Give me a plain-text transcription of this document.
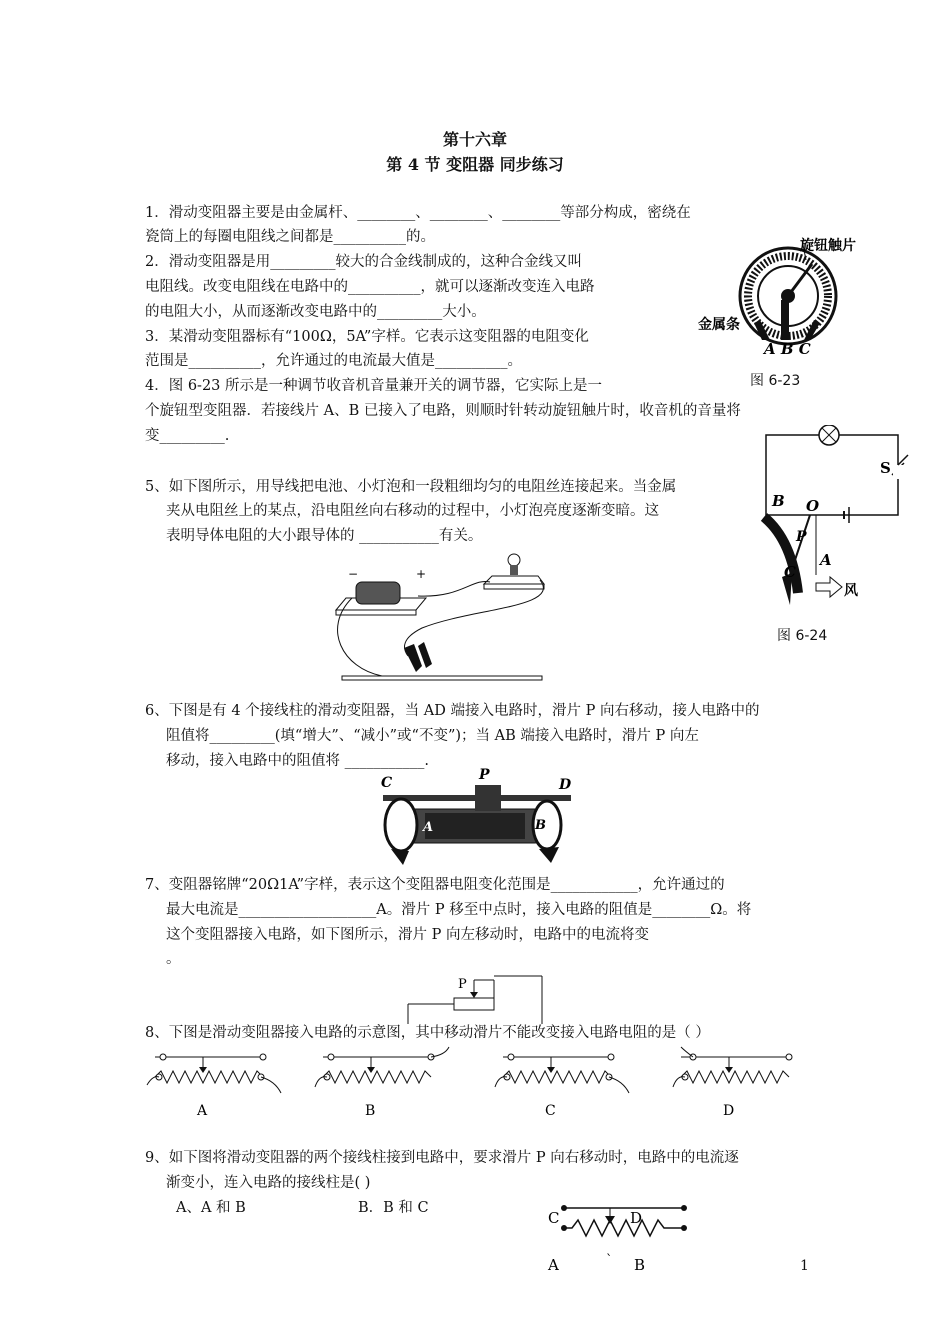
第十六章
第 4 节 变阻器 同步练习
1．滑动变阻器主要是由金属杆、________、________、________等部分构成，密绕在
瓷筒上的每圈电阻线之间都是__________的。
2．滑动变阻器是用_________较大的合金线制成的，这种合金线又叫
电阻线。改变电阻线在电路中的__________，就可以逐渐改变连入电路
的电阻大小，从而逐渐改变电路中的_________大小。
3．某滑动变阻器标有“100Ω，5A”字样。它表示这变阻器的电阻变化
范围是__________，允许通过的电流最大值是__________。
4．图 6-23 所示是一种调节收音机音量兼开关的调节器，它实际上是一
个旋钮型变阻器．若接线片 A、B 已接入了电路，则顺时针转动旋钮触片时，收音机的音量将
变_________.
旋钮触片
金属条
A B C
图 6-23
B O
S
P
A
C
风
图 6-24
5、如下图所示，用导线把电池、小灯泡和一段粗细均匀的电阻丝连接起来。当金属
夹从电阻丝上的某点，沿电阻丝向右移动的过程中，小灯泡亮度逐渐变暗。这
表明导体电阻的大小跟导体的 ___________有关。
−	+
6、下图是有 4 个接线柱的滑动变阻器，当 AD 端接入电路时，滑片 P 向右移动，接人电路中的
阻值将_________(填“增大”、“减小”或“不变”)；当 AB 端接入电路时，滑片 P 向左
移动，接入电路中的阻值将 ___________.
C	P
D
A	B
7、变阻器铭牌“20Ω1A”字样，表示这个变阻器电阻变化范围是____________，允许通过的
最大电流是___________________A。滑片 P 移至中点时，接入电路的阻值是________Ω。将
这个变阻器接入电路，如下图所示，滑片 P 向左移动时，电路中的电流将变
。
P
8、下图是滑动变阻器接入电路的示意图，其中移动滑片不能改变接入电路电阻的是（ ）
A	B	C	D
9、如下图将滑动变阻器的两个接线柱接到电路中，要求滑片 P 向右移动时，电路中的电流逐
渐变小，连入电路的接线柱是( )
A、A 和 B	B．B 和 C
C	D
A	` B	1
